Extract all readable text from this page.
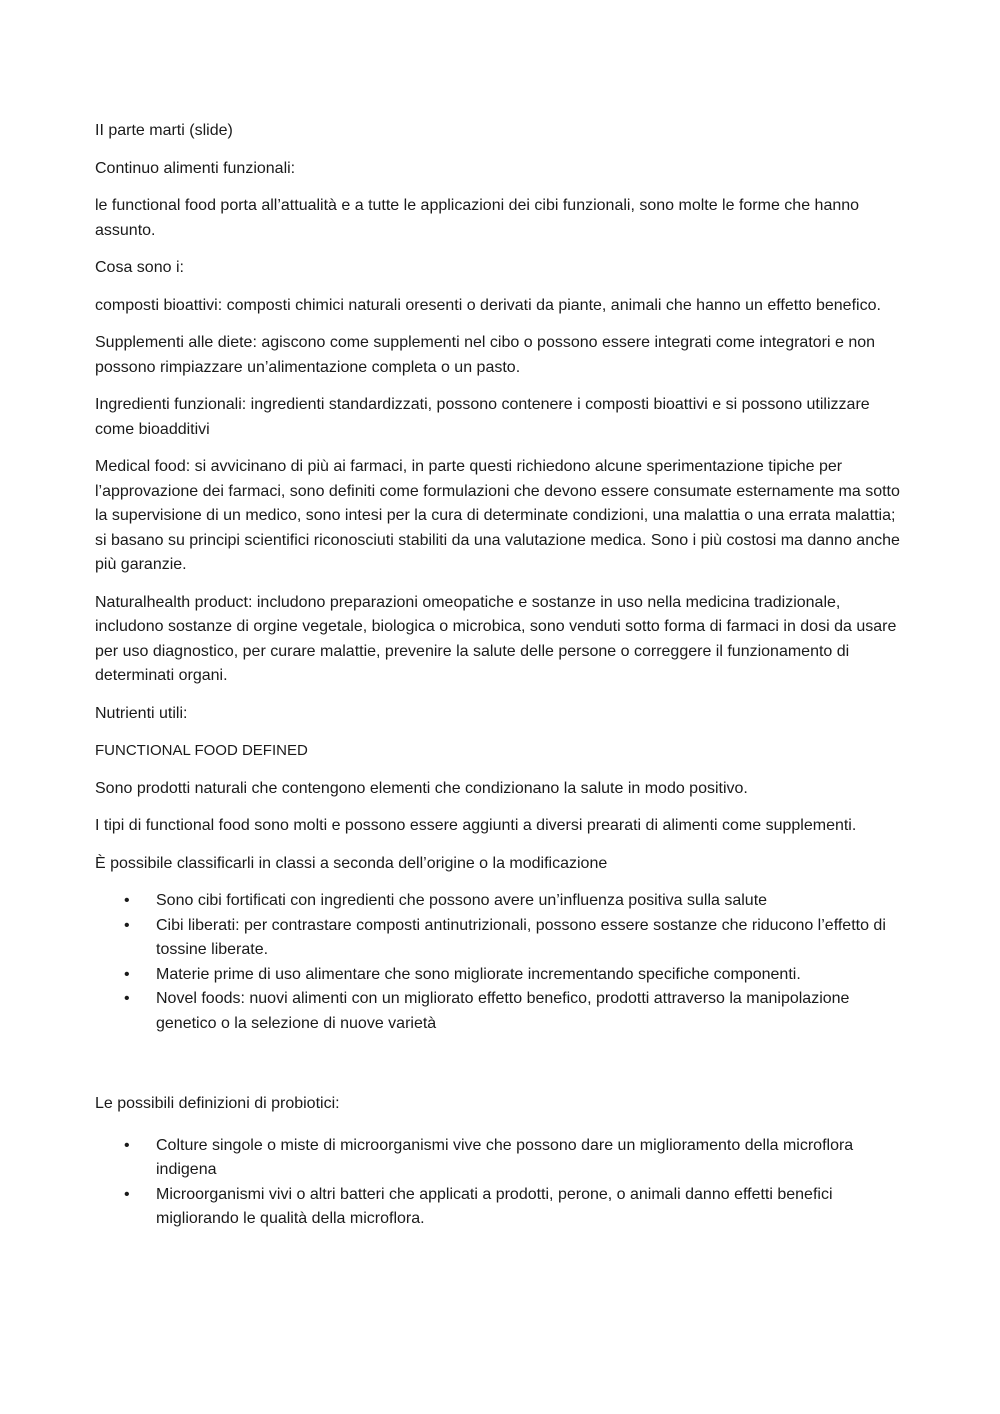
II parte marti (slide)

Continuo alimenti funzionali:

le functional food porta all’attualità e a tutte le applicazioni dei cibi funzionali, sono molte le forme che hanno assunto.

Cosa sono i:

composti bioattivi: composti chimici naturali oresenti o derivati da piante, animali che hanno un effetto benefico.

Supplementi alle diete: agiscono come supplementi nel cibo o possono essere integrati come integratori e non possono rimpiazzare un’alimentazione completa o un pasto.

Ingredienti funzionali: ingredienti standardizzati, possono contenere i composti bioattivi e si possono utilizzare come bioadditivi

Medical food: si avvicinano di più ai farmaci, in parte questi richiedono alcune sperimentazione tipiche per l’approvazione dei farmaci, sono definiti come formulazioni che devono essere consumate esternamente ma sotto la supervisione di un medico, sono intesi per la cura di determinate condizioni, una malattia o una errata malattia; si basano su principi scientifici riconosciuti stabiliti da una valutazione medica. Sono i più costosi ma danno anche più garanzie.

Naturalhealth product: includono preparazioni omeopatiche e sostanze in uso nella medicina tradizionale, includono sostanze di orgine vegetale, biologica o microbica, sono venduti sotto forma di farmaci in dosi da usare per uso diagnostico, per curare malattie, prevenire la salute delle persone o correggere il funzionamento di determinati organi.

Nutrienti utili:

FUNCTIONAL FOOD DEFINED

Sono prodotti naturali che contengono elementi che condizionano la salute in modo positivo.

I tipi di functional food sono molti e possono essere aggiunti a diversi prearati di alimenti come supplementi.

È possibile classificarli in classi a seconda dell’origine o la modificazione

• Sono cibi fortificati con ingredienti che possono avere un’influenza positiva sulla salute
• Cibi liberati: per contrastare composti antinutrizionali, possono essere sostanze che riducono l’effetto di tossine liberate.
• Materie prime di uso alimentare che sono migliorate incrementando specifiche componenti.
• Novel foods: nuovi alimenti con un migliorato effetto benefico, prodotti attraverso la manipolazione genetico o la selezione di nuove varietà

Le possibili definizioni di probiotici:

• Colture singole o miste di microorganismi vive che possono dare un miglioramento della microflora indigena
• Microorganismi vivi o altri batteri che applicati a prodotti, perone, o animali danno effetti benefici migliorando le qualità della microflora.
